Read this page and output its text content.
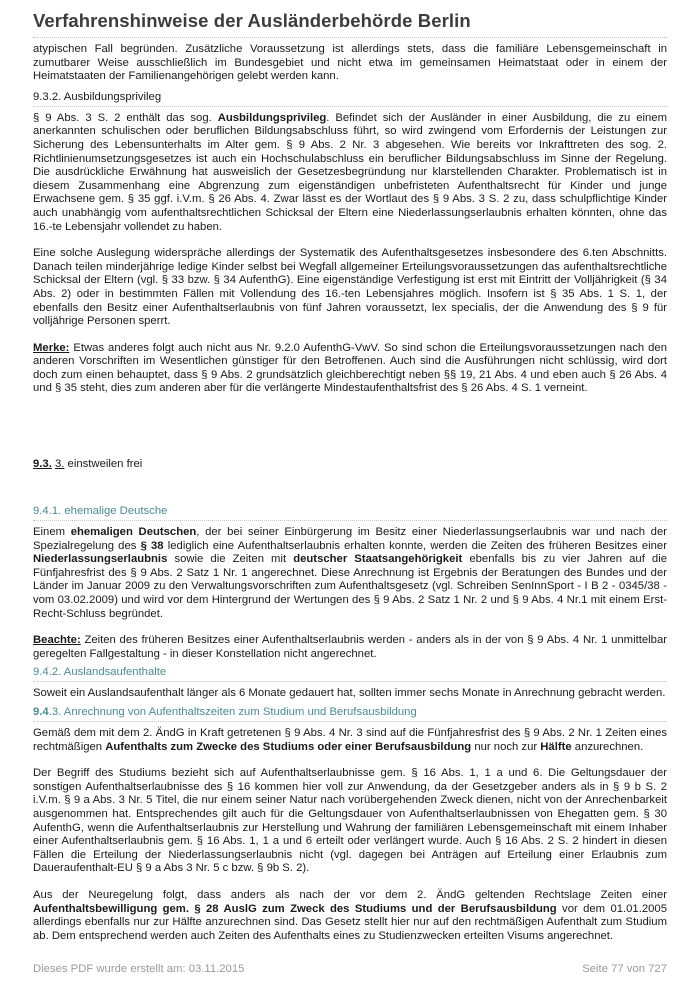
Verfahrenshinweise der Ausländerbehörde Berlin

atypischen Fall begründen. Zusätzliche Voraussetzung ist allerdings stets, dass die familiäre Lebensgemeinschaft in zumutbarer Weise ausschließlich im Bundesgebiet und nicht etwa im gemeinsamen Heimatstaat oder in einem der Heimatstaaten der Familienangehörigen gelebt werden kann.

9.3.2. Ausbildungsprivileg

§ 9 Abs. 3 S. 2 enthält das sog. Ausbildungsprivileg. Befindet sich der Ausländer in einer Ausbildung, die zu einem anerkannten schulischen oder beruflichen Bildungsabschluss führt, so wird zwingend vom Erfordernis der Leistungen zur Sicherung des Lebensunterhalts im Alter gem. § 9 Abs. 2 Nr. 3 abgesehen. Wie bereits vor Inkrafttreten des sog. 2. Richtlinienumsetzungsgesetzes ist auch ein Hochschulabschluss ein beruflicher Bildungsabschluss im Sinne der Regelung. Die ausdrückliche Erwähnung hat ausweislich der Gesetzesbegründung nur klarstellenden Charakter. Problematisch ist in diesem Zusammenhang eine Abgrenzung zum eigenständigen unbefristeten Aufenthaltsrecht für Kinder und junge Erwachsene gem. § 35 ggf. i.V.m. § 26 Abs. 4. Zwar lässt es der Wortlaut des § 9 Abs. 3 S. 2 zu, dass schulpflichtige Kinder auch unabhängig vom aufenthaltsrechtlichen Schicksal der Eltern eine Niederlassungserlaubnis erhalten könnten, ohne das 16.-te Lebensjahr vollendet zu haben.

Eine solche Auslegung widerspräche allerdings der Systematik des Aufenthaltsgesetzes insbesondere des 6.ten Abschnitts. Danach teilen minderjährige ledige Kinder selbst bei Wegfall allgemeiner Erteilungsvoraussetzungen das aufenthaltsrechtliche Schicksal der Eltern (vgl. § 33 bzw. § 34 AufenthG). Eine eigenständige Verfestigung ist erst mit Eintritt der Volljährigkeit (§ 34 Abs. 2) oder in bestimmten Fällen mit Vollendung des 16.-ten Lebensjahres möglich. Insofern ist § 35 Abs. 1 S. 1, der ebenfalls den Besitz einer Aufenthaltserlaubnis von fünf Jahren voraussetzt, lex specialis, der die Anwendung des § 9 für volljährige Personen sperrt.

Merke: Etwas anderes folgt auch nicht aus Nr. 9.2.0 AufenthG-VwV. So sind schon die Erteilungsvoraussetzungen nach den anderen Vorschriften im Wesentlichen günstiger für den Betroffenen. Auch sind die Ausführungen nicht schlüssig, wird dort doch zum einen behauptet, dass § 9 Abs. 2 grundsätzlich gleichberechtigt neben §§ 19, 21 Abs. 4 und eben auch § 26 Abs. 4 und § 35 steht, dies zum anderen aber für die verlängerte Mindestaufenthaltsfrist des § 26 Abs. 4 S. 1 verneint.

9.3. 3. einstweilen frei

9.4.1. ehemalige Deutsche

Einem ehemaligen Deutschen, der bei seiner Einbürgerung im Besitz einer Niederlassungserlaubnis war und nach der Spezialregelung des § 38 lediglich eine Aufenthaltserlaubnis erhalten konnte, werden die Zeiten des früheren Besitzes einer Niederlassungserlaubnis sowie die Zeiten mit deutscher Staatsangehörigkeit ebenfalls bis zu vier Jahren auf die Fünfjahresfrist des § 9 Abs. 2 Satz 1 Nr. 1 angerechnet. Diese Anrechnung ist Ergebnis der Beratungen des Bundes und der Länder im Januar 2009 zu den Verwaltungsvorschriften zum Aufenthaltsgesetz (vgl. Schreiben SenInnSport - I B 2 - 0345/38 - vom 03.02.2009) und wird vor dem Hintergrund der Wertungen des § 9 Abs. 2 Satz 1 Nr. 2 und § 9 Abs. 4 Nr.1 mit einem Erst-Recht-Schluss begründet.

Beachte: Zeiten des früheren Besitzes einer Aufenthaltserlaubnis werden - anders als in der von § 9 Abs. 4 Nr. 1 unmittelbar geregelten Fallgestaltung - in dieser Konstellation nicht angerechnet.

9.4.2. Auslandsaufenthalte

Soweit ein Auslandsaufenthalt länger als 6 Monate gedauert hat, sollten immer sechs Monate in Anrechnung gebracht werden.

9.4.3. Anrechnung von Aufenthaltszeiten zum Studium und Berufsausbildung

Gemäß dem mit dem 2. ÄndG in Kraft getretenen § 9 Abs. 4 Nr. 3 sind auf die Fünfjahresfrist des § 9 Abs. 2 Nr. 1 Zeiten eines rechtmäßigen Aufenthalts zum Zwecke des Studiums oder einer Berufsausbildung nur noch zur Hälfte anzurechnen.

Der Begriff des Studiums bezieht sich auf Aufenthaltserlaubnisse gem. § 16 Abs. 1, 1 a und 6. Die Geltungsdauer der sonstigen Aufenthaltserlaubnisse des § 16 kommen hier voll zur Anwendung, da der Gesetzgeber anders als in § 9 b S. 2 i.V.m. § 9 a Abs. 3 Nr. 5 Titel, die nur einem seiner Natur nach vorübergehenden Zweck dienen, nicht von der Anrechenbarkeit ausgenommen hat. Entsprechendes gilt auch für die Geltungsdauer von Aufenthaltserlaubnissen von Ehegatten gem. § 30 AufenthG, wenn die Aufenthaltserlaubnis zur Herstellung und Wahrung der familiären Lebensgemeinschaft mit einem Inhaber einer Aufenthaltserlaubnis gem. § 16 Abs. 1, 1 a und 6 erteilt oder verlängert wurde. Auch § 16 Abs. 2 S. 2 hindert in diesen Fällen die Erteilung der Niederlassungserlaubnis nicht (vgl. dagegen bei Anträgen auf Erteilung einer Erlaubnis zum Daueraufenthalt-EU § 9 a Abs 3 Nr. 5 c bzw. § 9b S. 2).

Aus der Neuregelung folgt, dass anders als nach der vor dem 2. ÄndG geltenden Rechtslage Zeiten einer Aufenthaltsbewilligung gem. § 28 AuslG zum Zweck des Studiums und der Berufsausbildung vor dem 01.01.2005 allerdings ebenfalls nur zur Hälfte anzurechnen sind. Das Gesetz stellt hier nur auf den rechtmäßigen Aufenthalt zum Studium ab. Dem entsprechend werden auch Zeiten des Aufenthalts eines zu Studienzwecken erteilten Visums angerechnet.

Dieses PDF wurde erstellt am: 03.11.2015	Seite 77 von 727
